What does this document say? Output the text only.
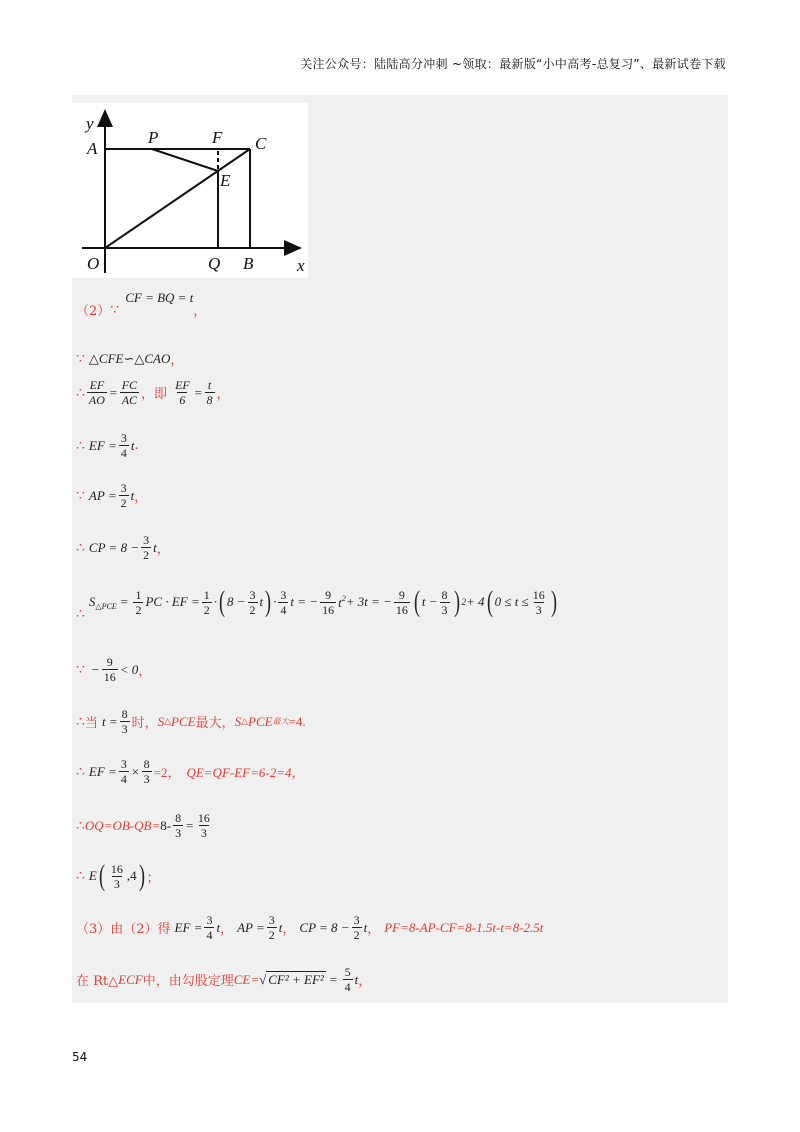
关注公众号：陆陆高分冲刺 ~领取：最新版“小中高考-总复习”、最新试卷下载
y
x
A
P	F C
E
O	Q B
（2） ∵
CF = BQ = t
，
∵ △CFE∽△CAO ，
∴ $\frac{EF}{AO} = \frac{FC}{AC}$ ，即 $\frac{EF}{6} = \frac{t}{8}$ ，
∴ EF = $\frac{3}{4}$ t .
∵ AP = $\frac{3}{2}$ t ，
∴ CP = $8 - \frac{3}{2}$ t ，
∴
$S_{\triangle PCE} = \frac{1}{2}$ PC · EF = $\frac{1}{2}$ · ( $8 - \frac{3}{2}$ t ) · $\frac{3}{4}$ t = − $\frac{9}{16} t^2 + 3t$ = − $\frac{9}{16}$ ( $t - \frac{8}{3}$ ) 2 + 4 ( $0 \le t \le \frac{16}{3}$ )
∵ − $\frac{9}{16} < 0$ ，
∴ 当 $t = \frac{8}{3}$ 时， S △ PCE 最大， S △ PCE 最大 =4.
∴ EF = $\frac{3}{4} \times \frac{8}{3} =2$， QE=QF-EF=6-2=4，
∴ $OQ=OB-QB= 8- \frac{8}{3} = \frac{16}{3}$
∴ E ( $\frac{16}{3} ,4$ ) ；
（3）由（2）得 EF = $\frac{3}{4}$ t ， AP = $\frac{3}{2}$ t ， CP = $8 - \frac{3}{2}$ t ， PF=8-AP-CF=8-1.5t-t=8-2.5t
在 Rt△ ECF 中，由勾股定理 CE= √ $CF^2 + EF^2 = \frac{5}{4}$ t ，
54
